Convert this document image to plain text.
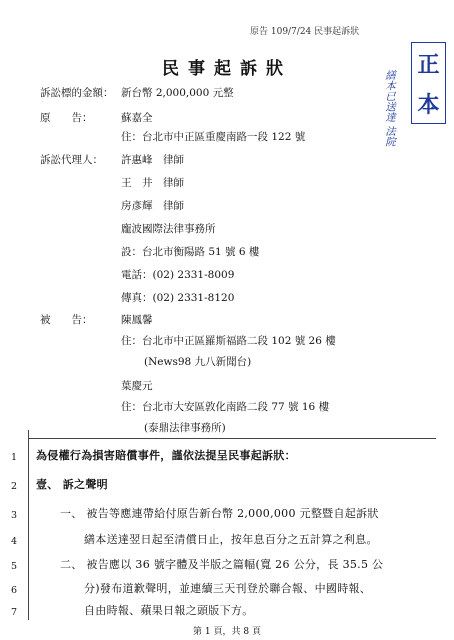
原告 109/7/24 民事起訴狀
正
本
繕本已送達 法院
民事起訴狀
訴訟標的金額： 新台幣 2,000,000 元整
原　　告：	蘇嘉全
住：台北市中正區重慶南路一段 122 號
訴訟代理人： 許惠峰　律師
王　井　律師
房彥輝　律師
龐波國際法律事務所
設：台北市衡陽路 51 號 6 樓
電話：(02) 2331-8009
傳真：(02) 2331-8120
被　　告：	陳鳳馨
住：台北市中正區羅斯福路二段 102 號 26 樓
(News98 九八新聞台)
葉慶元
住：台北市大安區敦化南路二段 77 號 16 樓
(泰鼎法律事務所)
1	為侵權行為損害賠償事件，謹依法提呈民事起訴狀：
2	壹、 訴之聲明
3	一、 被告等應連帶給付原告新台幣 2,000,000 元整暨自起訴狀
4	繕本送達翌日起至清償日止，按年息百分之五計算之利息。
5	二、 被告應以 36 號字體及半版之篇幅(寬 26 公分，長 35.5 公
6	分)發布道歉聲明，並連續三天刊登於聯合報、中國時報、
7	自由時報、蘋果日報之頭版下方。
第 1 頁，共 8 頁
